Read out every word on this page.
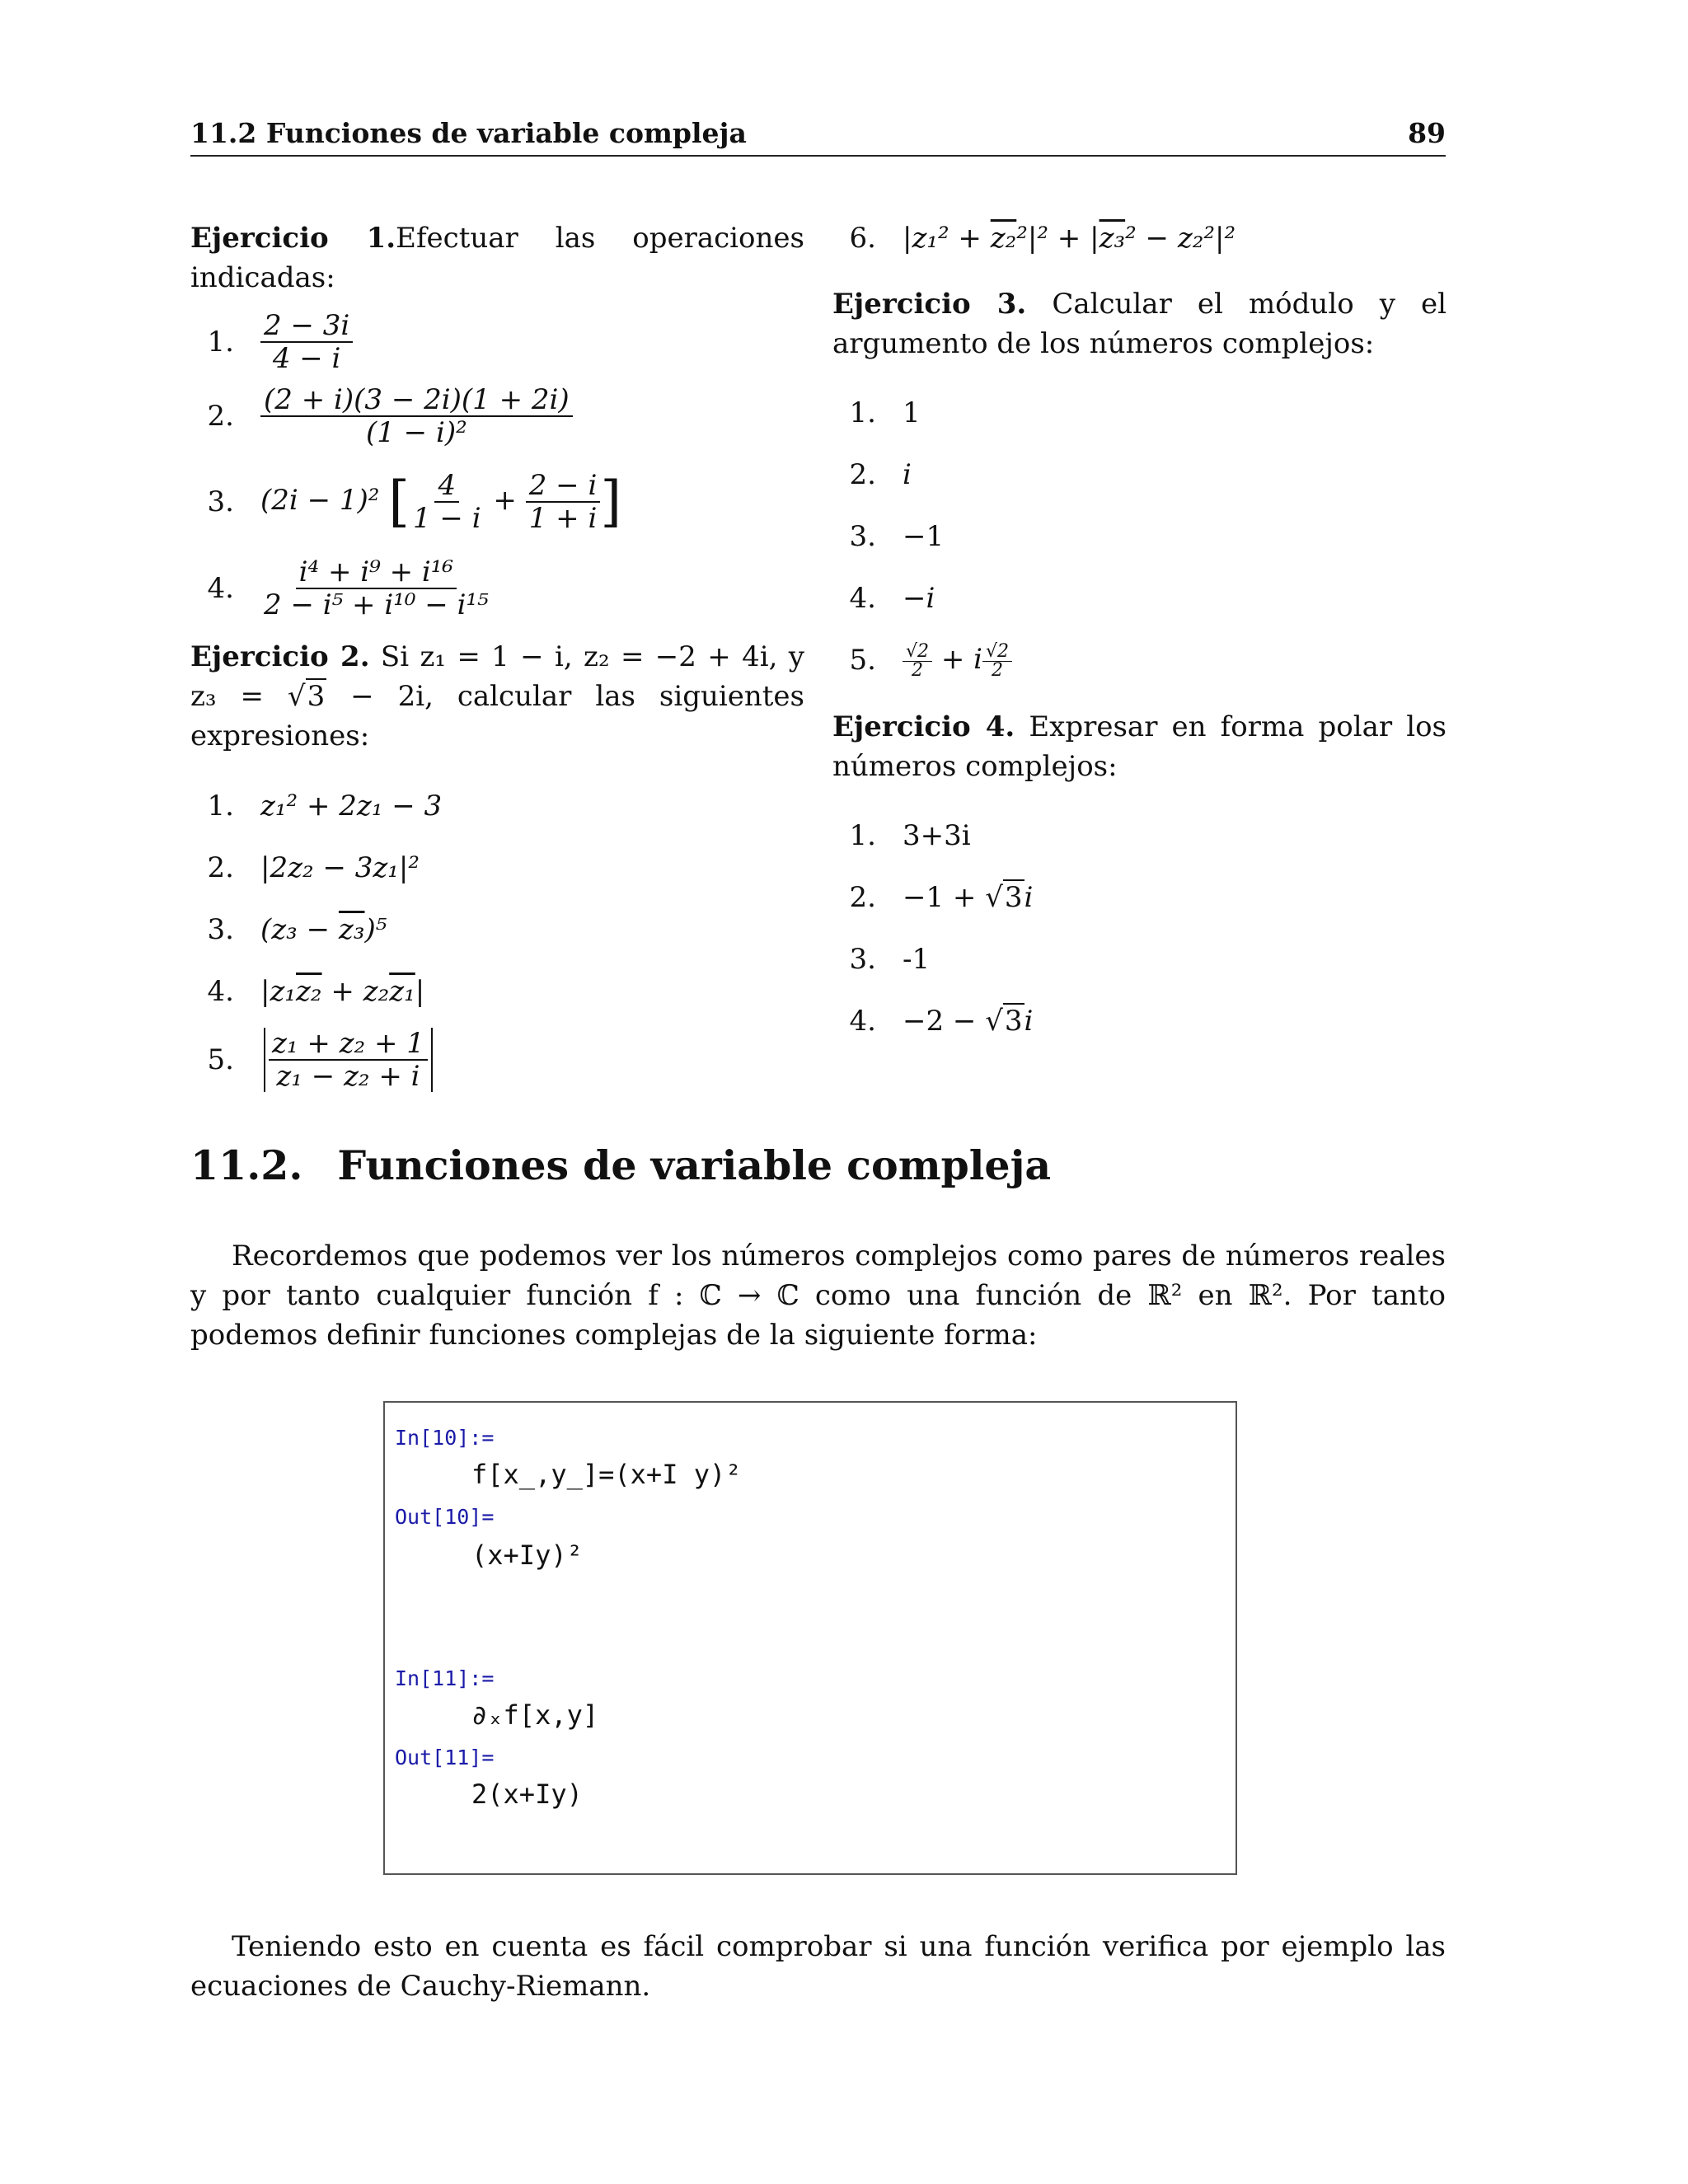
11.2 Funciones de variable compleja	89

Ejercicio 1.Efectuar las operaciones indicadas:

1. $\frac{2 - 3i}{4 - i}$
2. $\frac{(2 + i)(3 - 2i)(1 + 2i)}{\text{(1 − i)²}}$
3. (2i − 1)² [ $\frac{4}{1 - i} + \frac{2 - i}{1 + i}$ ]
4. $\frac{\text{i⁴ + i⁹ + i¹⁶}}{\text{2 − i⁵ + i¹⁰ − i¹⁵}}$

Ejercicio 2. Si z₁ = 1 − i, z₂ = −2 + 4i, y z₃ = √3 − 2i, calcular las siguientes expresiones:

1. z₁² + 2z₁ − 3
2. |2z₂ − 3z₁|²
3. (z₃ − z₃)⁵
4. |z₁z₂ + z₂z₁|
5.	$\frac{\text{z₁ + z₂ + 1}}{\text{z₁ − z₂ + i}}$
6. |z₁² + z₂²|² + |z₃² − z₂²|²

Ejercicio 3. Calcular el módulo y el argumento de los números complejos:

1. 1
2. i
3. −1
4. −i
5.	$\frac{√2}{2} + i \frac{√2}{2}$

Ejercicio 4. Expresar en forma polar los números complejos:

1. 3+3i
2. −1 + √3i
3. -1
4. −2 − √3i
11.2. Funciones de variable compleja

Recordemos que podemos ver los números complejos como pares de números reales y por tanto cualquier función f : ℂ → ℂ como una función de ℝ² en ℝ². Por tanto podemos definir funciones complejas de la siguiente forma:

In[10]:=
f[x_,y_]=(x+I y)²
Out[10]=
(x+Iy)²
In[11]:=
∂ₓf[x,y]
Out[11]=
2(x+Iy)

Teniendo esto en cuenta es fácil comprobar si una función verifica por ejemplo las ecuaciones de Cauchy-Riemann.
